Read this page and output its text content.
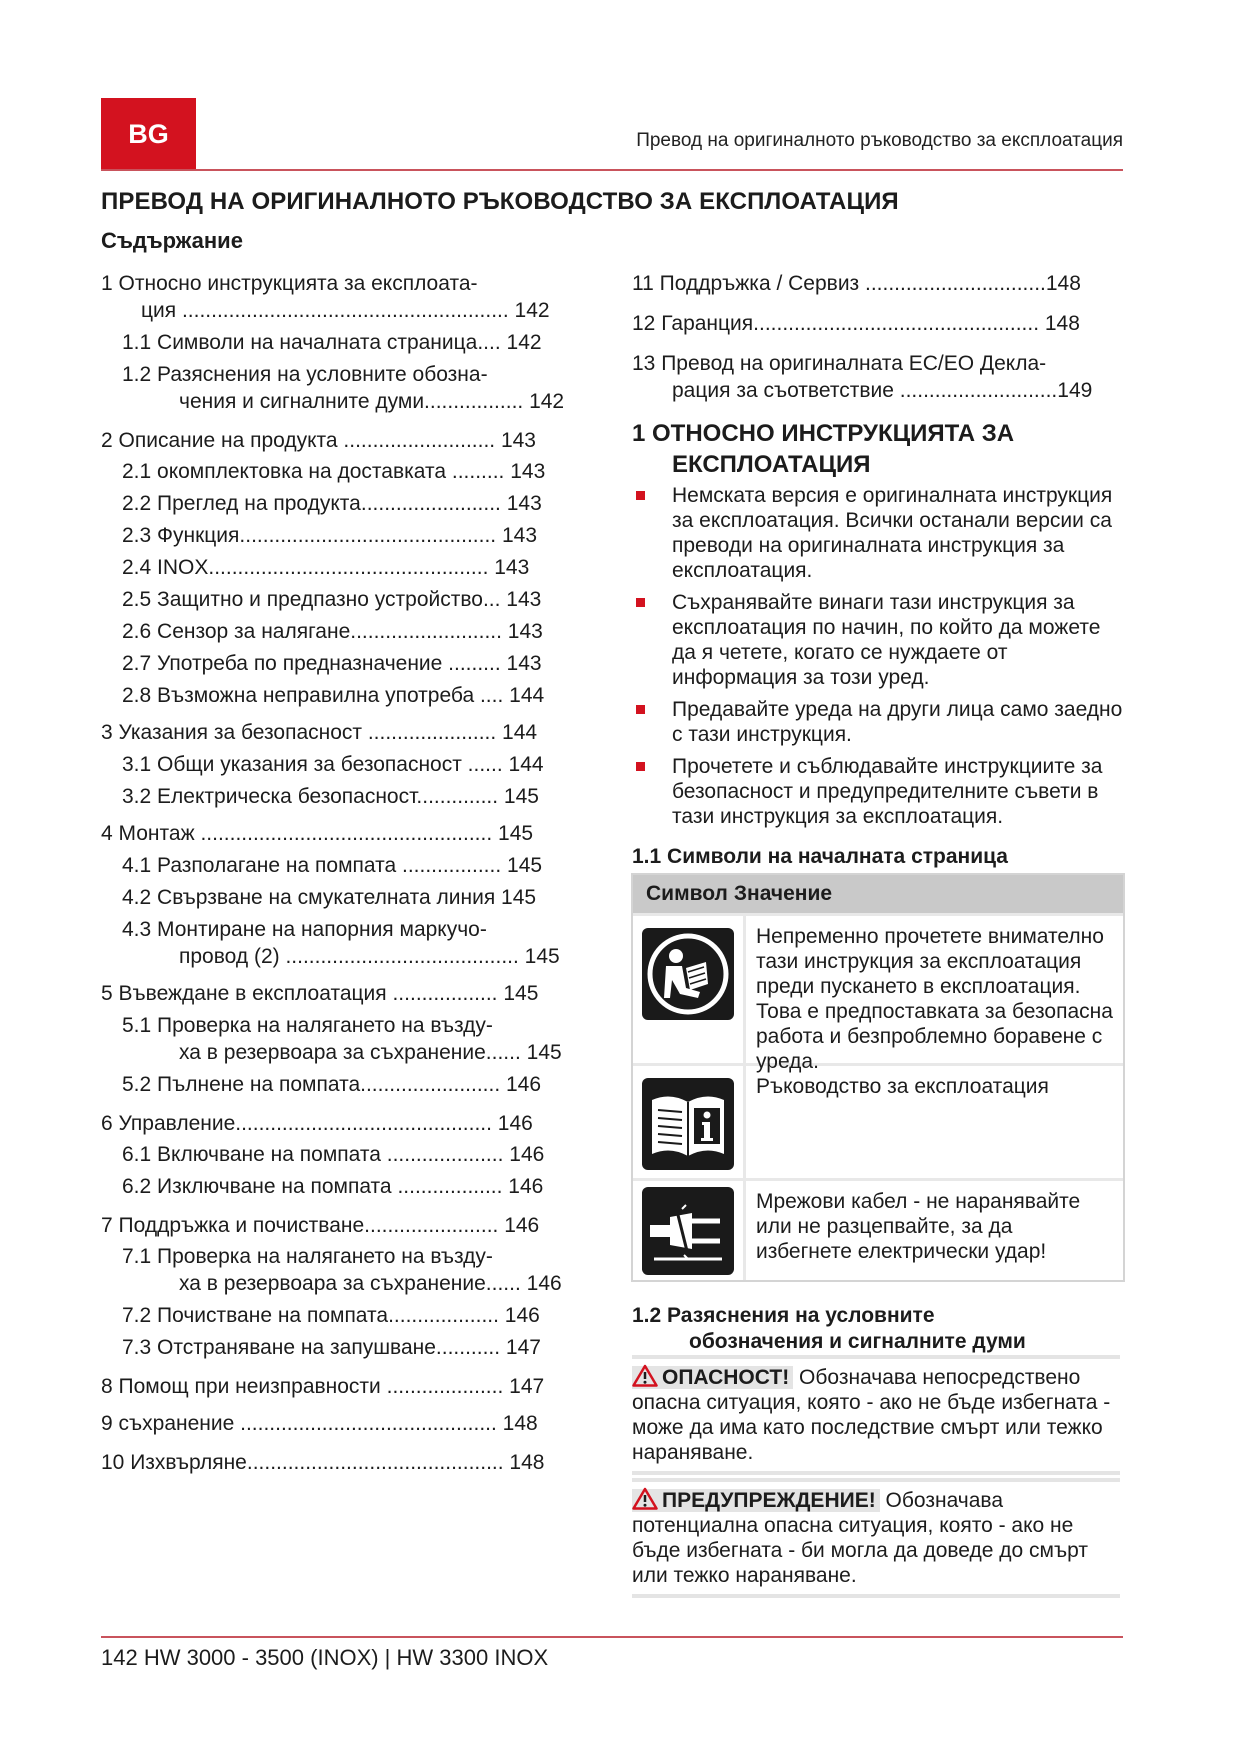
BG	Превод на оригиналното ръководство за експлоатация
ПРЕВОД НА ОРИГИНАЛНОТО РЪКОВОДСТВО ЗА ЕКСПЛОАТАЦИЯ
Съдържание
1 Относно инструкцията за експлоата-
ция ........................................................ 142
1.1 Символи на началната страница.... 142
1.2 Разяснения на условните обозна-
чения и сигналните думи................. 142
2 Описание на продукта .......................... 143
2.1 окомплектовка на доставката ......... 143
2.2 Преглед на продукта........................ 143
2.3 Функция............................................ 143
2.4 INOX................................................ 143
2.5 Защитно и предпазно устройство... 143
2.6 Сензор за налягане.......................... 143
2.7 Употреба по предназначение ......... 143
2.8 Възможна неправилна употреба .... 144
3 Указания за безопасност ...................... 144
3.1 Общи указания за безопасност ...... 144
3.2 Електрическа безопасност.............. 145
4 Монтаж .................................................. 145
4.1 Разполагане на помпата ................. 145
4.2 Свързване на смукателната линия 145
4.3 Монтиране на напорния маркучо-
провод (2) ........................................ 145
5 Въвеждане в експлоатация .................. 145
5.1 Проверка на налягането на възду-
ха в резервоара за съхранение...... 145
5.2 Пълнене на помпата........................ 146
6 Управление............................................ 146
6.1 Включване на помпата .................... 146
6.2 Изключване на помпата .................. 146
7 Поддръжка и почистване....................... 146
7.1 Проверка на налягането на възду-
ха в резервоара за съхранение...... 146
7.2 Почистване на помпата................... 146
7.3 Отстраняване на запушване........... 147
8 Помощ при неизправности .................... 147
9 съхранение ............................................ 148
10 Изхвърляне............................................ 148
11 Поддръжка / Сервиз ...............................148
12 Гаранция................................................. 148
13 Превод на оригиналната ЕС/ЕО Декла-
рация за съответствие ...........................149
1 ОТНОСНО ИНСТРУКЦИЯТА ЗА
ЕКСПЛОАТАЦИЯ
Немската версия е оригиналната инструкция за експлоатация. Всички останали версии са преводи на оригиналната инструкция за експлоатация.
Съхранявайте винаги тази инструкция за експлоатация по начин, по който да можете да я четете, когато се нуждаете от информация за този уред.
Предавайте уреда на други лица само заедно с тази инструкция.
Прочетете и съблюдавайте инструкциите за безопасност и предупредителните съвети в тази инструкция за експлоатация.
1.1 Символи на началната страница
Символ Значение
Непременно прочетете внимателно тази инструкция за експлоатация преди пускането в експлоатация. Това е предпоставката за безопасна работа и безпроблемно боравене с уреда.
Ръководство за експлоатация
Мрежови кабел - не наранявайте или не разцепвайте, за да избегнете електрически удар!
1.2 Разяснения на условните
обозначения и сигналните думи
ОПАСНОСТ! Обозначава непосредствено опасна ситуация, която - ако не бъде избегната - може да има като последствие смърт или тежко нараняване.
ПРЕДУПРЕЖДЕНИЕ! Обозначава потенциална опасна ситуация, която - ако не бъде избегната - би могла да доведе до смърт или тежко нараняване.
142 HW 3000 - 3500 (INOX) | HW 3300 INOX
